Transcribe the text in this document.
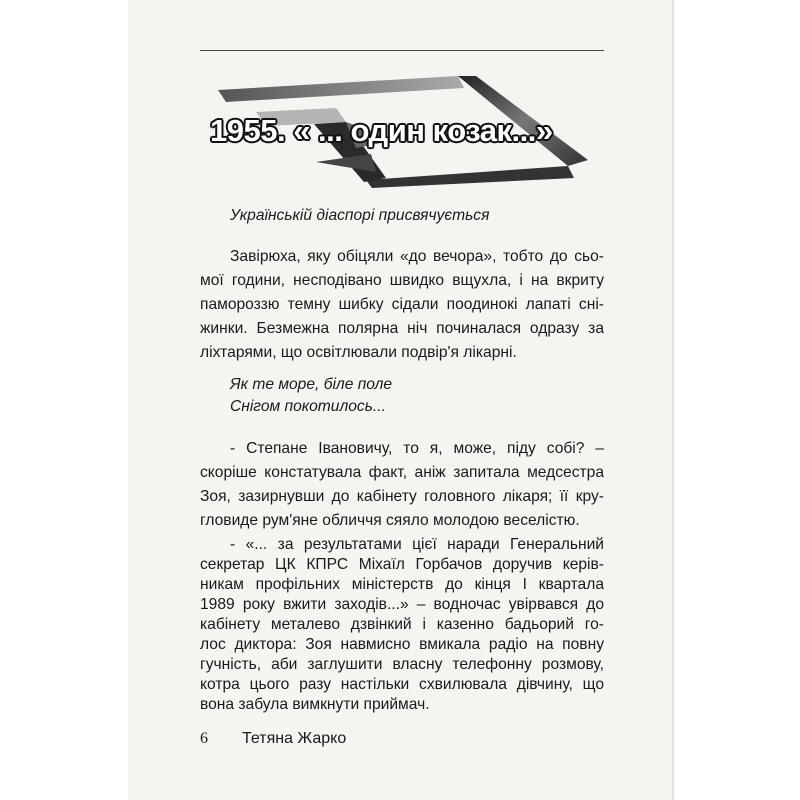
1955. « ... один козак...»
Українській діаспорі присвячується
Завірюха, яку обіцяли «до вечора», тобто до сьо-
мої години, несподівано швидко вщухла, і на вкриту
памороззю темну шибку сідали поодинокі лапаті сні-
жинки. Безмежна полярна ніч починалася одразу за
ліхтарями, що освітлювали подвір'я лікарні.
Як те море, біле поле
Снігом покотилось...
- Степане Івановичу, то я, може, піду собі? –
скоріше констатувала факт, аніж запитала медсестра
Зоя, зазирнувши до кабінету головного лікаря; її кру-
гловиде рум'яне обличчя сяяло молодою веселістю.
- «... за результатами цієї наради Генеральний
секретар ЦК КПРС Міхаїл Горбачов доручив керів-
никам профільних міністерств до кінця I квартала
1989 року вжити заходів...» – водночас увірвався до
кабінету металево дзвінкий і казенно бадьорий го-
лос диктора: Зоя навмисно вмикала радіо на повну
гучність, аби заглушити власну телефонну розмову,
котра цього разу настільки схвилювала дівчину, що
вона забула вимкнути приймач.
6 Тетяна Жарко
